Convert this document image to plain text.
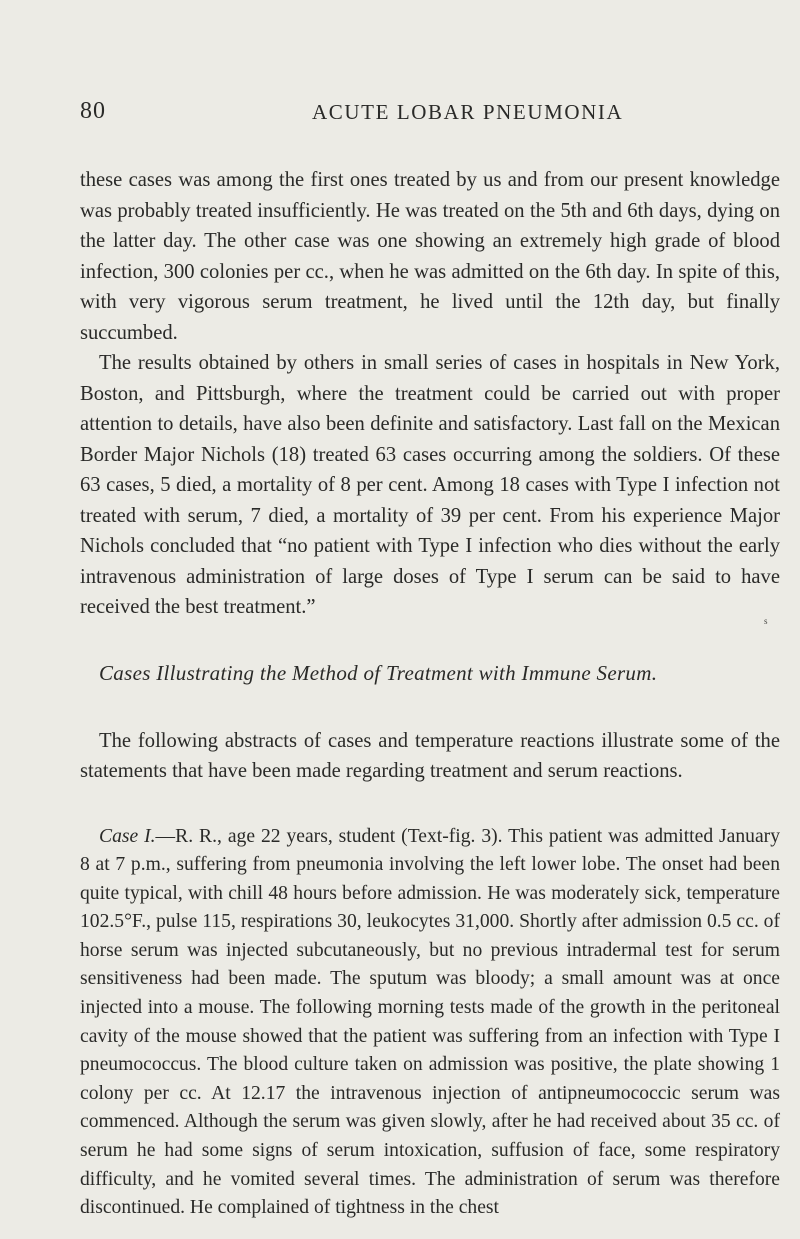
80	ACUTE LOBAR PNEUMONIA

these cases was among the first ones treated by us and from our present knowledge was probably treated insufficiently. He was treated on the 5th and 6th days, dying on the latter day. The other case was one showing an extremely high grade of blood infection, 300 colonies per cc., when he was admitted on the 6th day. In spite of this, with very vigorous serum treatment, he lived until the 12th day, but finally succumbed.

The results obtained by others in small series of cases in hospitals in New York, Boston, and Pittsburgh, where the treatment could be carried out with proper attention to details, have also been definite and satisfactory. Last fall on the Mexican Border Major Nichols (18) treated 63 cases occurring among the soldiers. Of these 63 cases, 5 died, a mortality of 8 per cent. Among 18 cases with Type I infection not treated with serum, 7 died, a mortality of 39 per cent. From his experience Major Nichols concluded that “no patient with Type I infection who dies without the early intravenous administration of large doses of Type I serum can be said to have received the best treatment.”

Cases Illustrating the Method of Treatment with Immune Serum.

The following abstracts of cases and temperature reactions illustrate some of the statements that have been made regarding treatment and serum reactions.

Case I.—R. R., age 22 years, student (Text-fig. 3). This patient was admitted January 8 at 7 p.m., suffering from pneumonia involving the left lower lobe. The onset had been quite typical, with chill 48 hours before admission. He was moderately sick, temperature 102.5°F., pulse 115, respirations 30, leukocytes 31,000. Shortly after admission 0.5 cc. of horse serum was injected subcutaneously, but no previous intradermal test for serum sensitiveness had been made. The sputum was bloody; a small amount was at once injected into a mouse. The following morning tests made of the growth in the peritoneal cavity of the mouse showed that the patient was suffering from an infection with Type I pneumococcus. The blood culture taken on admission was positive, the plate showing 1 colony per cc. At 12.17 the intravenous injection of antipneumococcic serum was commenced. Although the serum was given slowly, after he had received about 35 cc. of serum he had some signs of serum intoxication, suffusion of face, some respiratory difficulty, and he vomited several times. The administration of serum was therefore discontinued. He complained of tightness in the chest

s
